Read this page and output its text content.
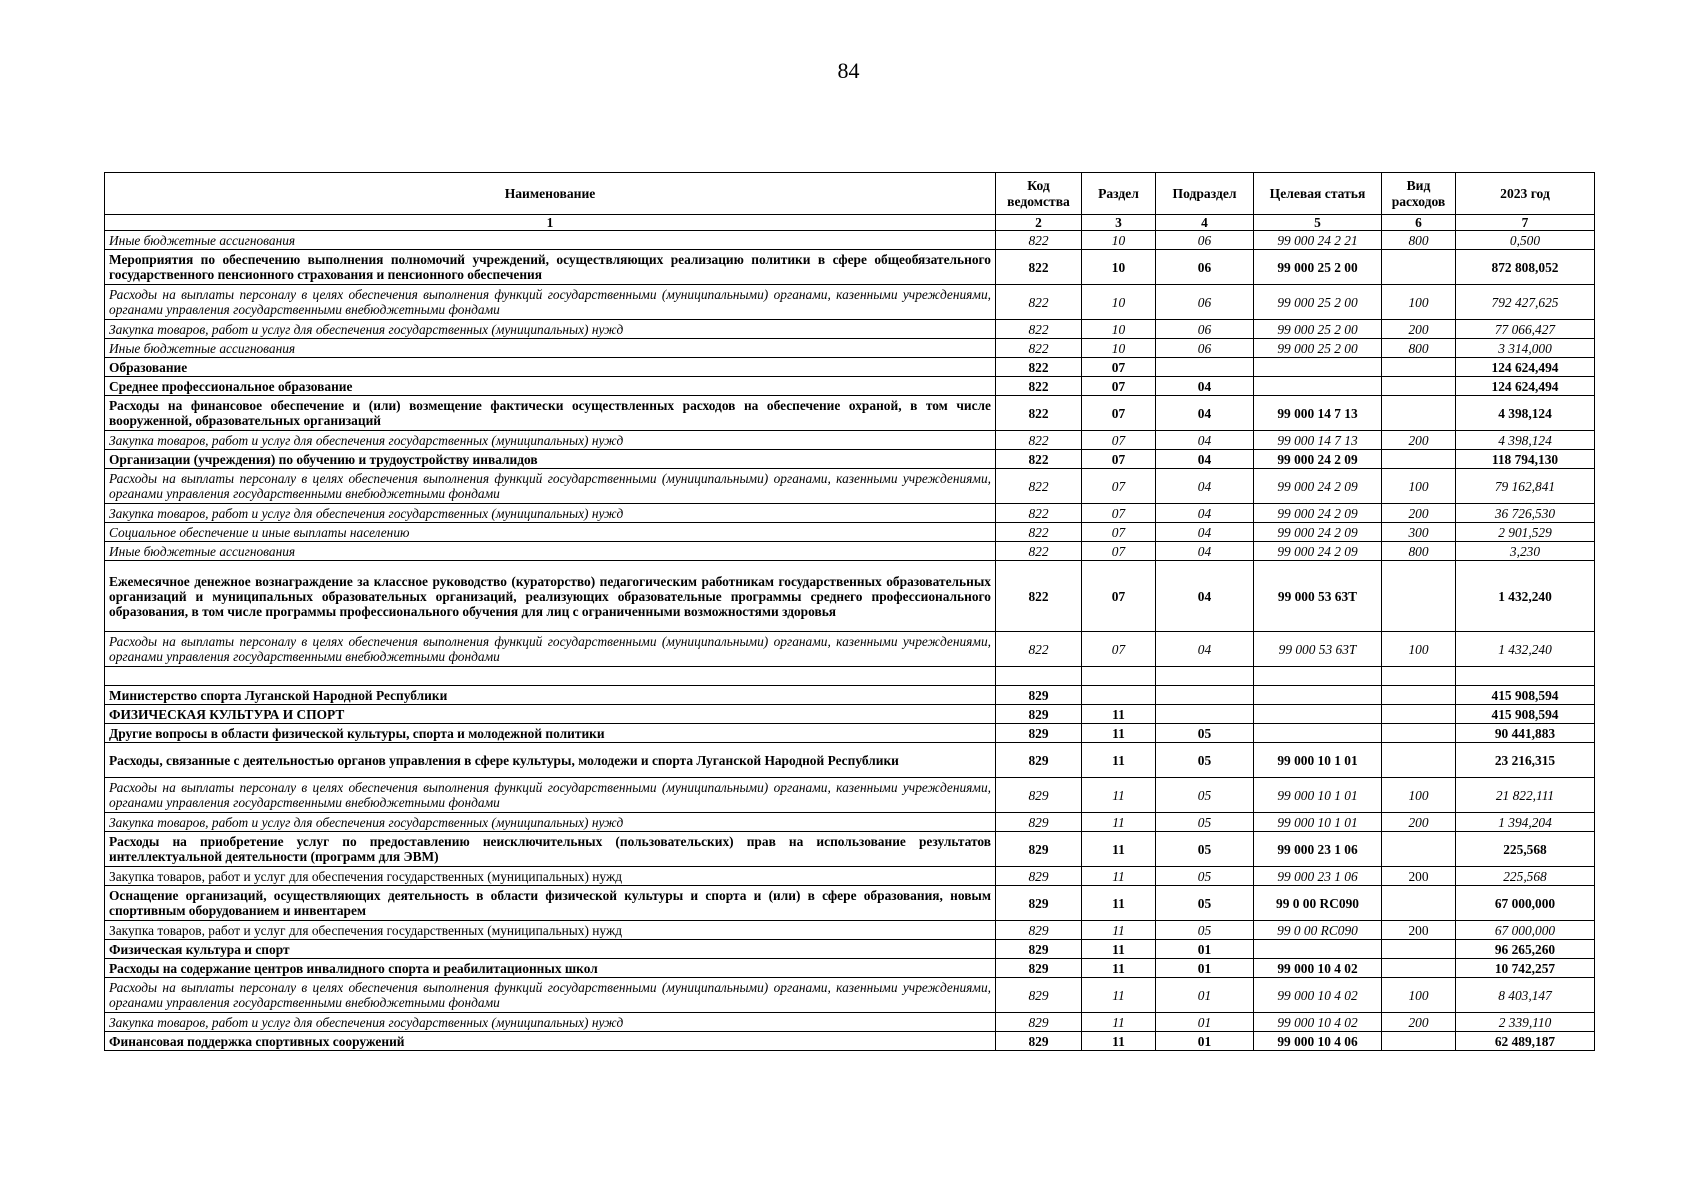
84
Наименование	Код ведомства	Раздел	Подраздел	Целевая статья	Вид расходов	2023 год
1	2	3	4	5	6	7
Иные бюджетные ассигнования	822	10	06	99 000 24 2 21	800	0,500
Мероприятия по обеспечению выполнения полномочий учреждений, осуществляющих реализацию политики в сфере общеобязательного государственного пенсионного страхования и пенсионного обеспечения	822	10	06	99 000 25 2 00		872 808,052
Расходы на выплаты персоналу в целях обеспечения выполнения функций государственными (муниципальными) органами, казенными учреждениями, органами управления государственными внебюджетными фондами	822	10	06	99 000 25 2 00	100	792 427,625
Закупка товаров, работ и услуг для обеспечения государственных (муниципальных) нужд	822	10	06	99 000 25 2 00	200	77 066,427
Иные бюджетные ассигнования	822	10	06	99 000 25 2 00	800	3 314,000
Образование	822	07				124 624,494
Среднее профессиональное образование	822	07	04			124 624,494
Расходы на финансовое обеспечение и (или) возмещение фактически осуществленных расходов на обеспечение охраной, в том числе вооруженной, образовательных организаций	822	07	04	99 000 14 7 13		4 398,124
Закупка товаров, работ и услуг для обеспечения государственных (муниципальных) нужд	822	07	04	99 000 14 7 13	200	4 398,124
Организации (учреждения) по обучению и трудоустройству инвалидов	822	07	04	99 000 24 2 09		118 794,130
Расходы на выплаты персоналу в целях обеспечения выполнения функций государственными (муниципальными) органами, казенными учреждениями, органами управления государственными внебюджетными фондами	822	07	04	99 000 24 2 09	100	79 162,841
Закупка товаров, работ и услуг для обеспечения государственных (муниципальных) нужд	822	07	04	99 000 24 2 09	200	36 726,530
Социальное обеспечение и иные выплаты населению	822	07	04	99 000 24 2 09	300	2 901,529
Иные бюджетные ассигнования	822	07	04	99 000 24 2 09	800	3,230
Ежемесячное денежное вознаграждение за классное руководство (кураторство) педагогическим работникам государственных образовательных организаций и муниципальных образовательных организаций, реализующих образовательные программы среднего профессионального образования, в том числе программы профессионального обучения для лиц с ограниченными возможностями здоровья	822	07	04	99 000 53 63Т		1 432,240
Расходы на выплаты персоналу в целях обеспечения выполнения функций государственными (муниципальными) органами, казенными учреждениями, органами управления государственными внебюджетными фондами	822	07	04	99 000 53 63Т	100	1 432,240

Министерство спорта Луганской Народной Республики	829					415 908,594
ФИЗИЧЕСКАЯ КУЛЬТУРА И СПОРТ	829	11				415 908,594
Другие вопросы в области физической культуры, спорта и молодежной политики	829	11	05			90 441,883
Расходы, связанные с деятельностью органов управления в сфере культуры, молодежи и спорта Луганской Народной Республики	829	11	05	99 000 10 1 01		23 216,315
Расходы на выплаты персоналу в целях обеспечения выполнения функций государственными (муниципальными) органами, казенными учреждениями, органами управления государственными внебюджетными фондами	829	11	05	99 000 10 1 01	100	21 822,111
Закупка товаров, работ и услуг для обеспечения государственных (муниципальных) нужд	829	11	05	99 000 10 1 01	200	1 394,204
Расходы на приобретение услуг по предоставлению неисключительных (пользовательских) прав на использование результатов интеллектуальной деятельности (программ для ЭВМ)	829	11	05	99 000 23 1 06		225,568
Закупка товаров, работ и услуг для обеспечения государственных (муниципальных) нужд	829	11	05	99 000 23 1 06	200	225,568
Оснащение организаций, осуществляющих деятельность в области физической культуры и спорта и (или) в сфере образования, новым спортивным оборудованием и инвентарем	829	11	05	99 0 00 RC090		67 000,000
Закупка товаров, работ и услуг для обеспечения государственных (муниципальных) нужд	829	11	05	99 0 00 RC090	200	67 000,000
Физическая культура и спорт	829	11	01			96 265,260
Расходы на содержание центров инвалидного спорта и реабилитационных школ	829	11	01	99 000 10 4 02		10 742,257
Расходы на выплаты персоналу в целях обеспечения выполнения функций государственными (муниципальными) органами, казенными учреждениями, органами управления государственными внебюджетными фондами	829	11	01	99 000 10 4 02	100	8 403,147
Закупка товаров, работ и услуг для обеспечения государственных (муниципальных) нужд	829	11	01	99 000 10 4 02	200	2 339,110
Финансовая поддержка спортивных сооружений	829	11	01	99 000 10 4 06		62 489,187
